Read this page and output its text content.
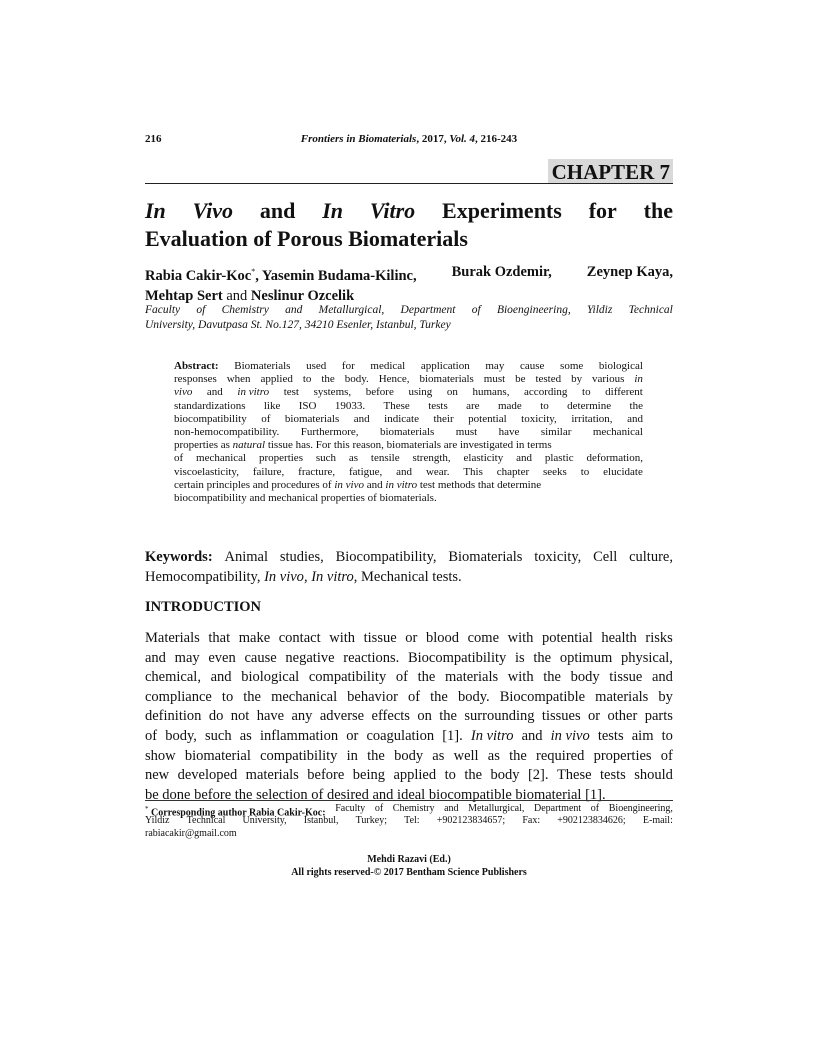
216	Frontiers in Biomaterials, 2017, Vol. 4, 216-243
CHAPTER 7
In Vivo and In Vitro Experiments for the
Evaluation of Porous Biomaterials
Rabia Cakir-Koc*, Yasemin Budama-Kilinc, Burak Ozdemir, Zeynep Kaya,
Mehtap Sert and Neslinur Ozcelik
Faculty of Chemistry and Metallurgical, Department of Bioengineering, Yildiz Technical
University, Davutpasa St. No.127, 34210 Esenler, Istanbul, Turkey
Abstract: Biomaterials used for medical application may cause some biological
responses when applied to the body. Hence, biomaterials must be tested by various in
vivo and in vitro test systems, before using on humans, according to different
standardizations like ISO 19033. These tests are made to determine the
biocompatibility of biomaterials and indicate their potential toxicity, irritation, and
non-hemocompatibility. Furthermore, biomaterials must have similar mechanical
properties as natural tissue has. For this reason, biomaterials are investigated in terms
of mechanical properties such as tensile strength, elasticity and plastic deformation,
viscoelasticity, failure, fracture, fatigue, and wear. This chapter seeks to elucidate
certain principles and procedures of in vivo and in vitro test methods that determine
biocompatibility and mechanical properties of biomaterials.
Keywords: Animal studies, Biocompatibility, Biomaterials toxicity, Cell culture,
Hemocompatibility, In vivo, In vitro, Mechanical tests.
INTRODUCTION
Materials that make contact with tissue or blood come with potential health risks
and may even cause negative reactions. Biocompatibility is the optimum physical,
chemical, and biological compatibility of the materials with the body tissue and
compliance to the mechanical behavior of the body. Biocompatible materials by
definition do not have any adverse effects on the surrounding tissues or other parts
of body, such as inflammation or coagulation [1]. In vitro and in vivo tests aim to
show biomaterial compatibility in the body as well as the required properties of
new developed materials before being applied to the body [2]. These tests should
be done before the selection of desired and ideal biocompatible biomaterial [1].
* Corresponding author Rabia Cakir-Koc: Faculty of Chemistry and Metallurgical, Department of Bioengineering,
Yildiz Technical University, Istanbul, Turkey; Tel: +902123834657; Fax: +902123834626; E-mail:
rabiacakir@gmail.com
Mehdi Razavi (Ed.)
All rights reserved-© 2017 Bentham Science Publishers
